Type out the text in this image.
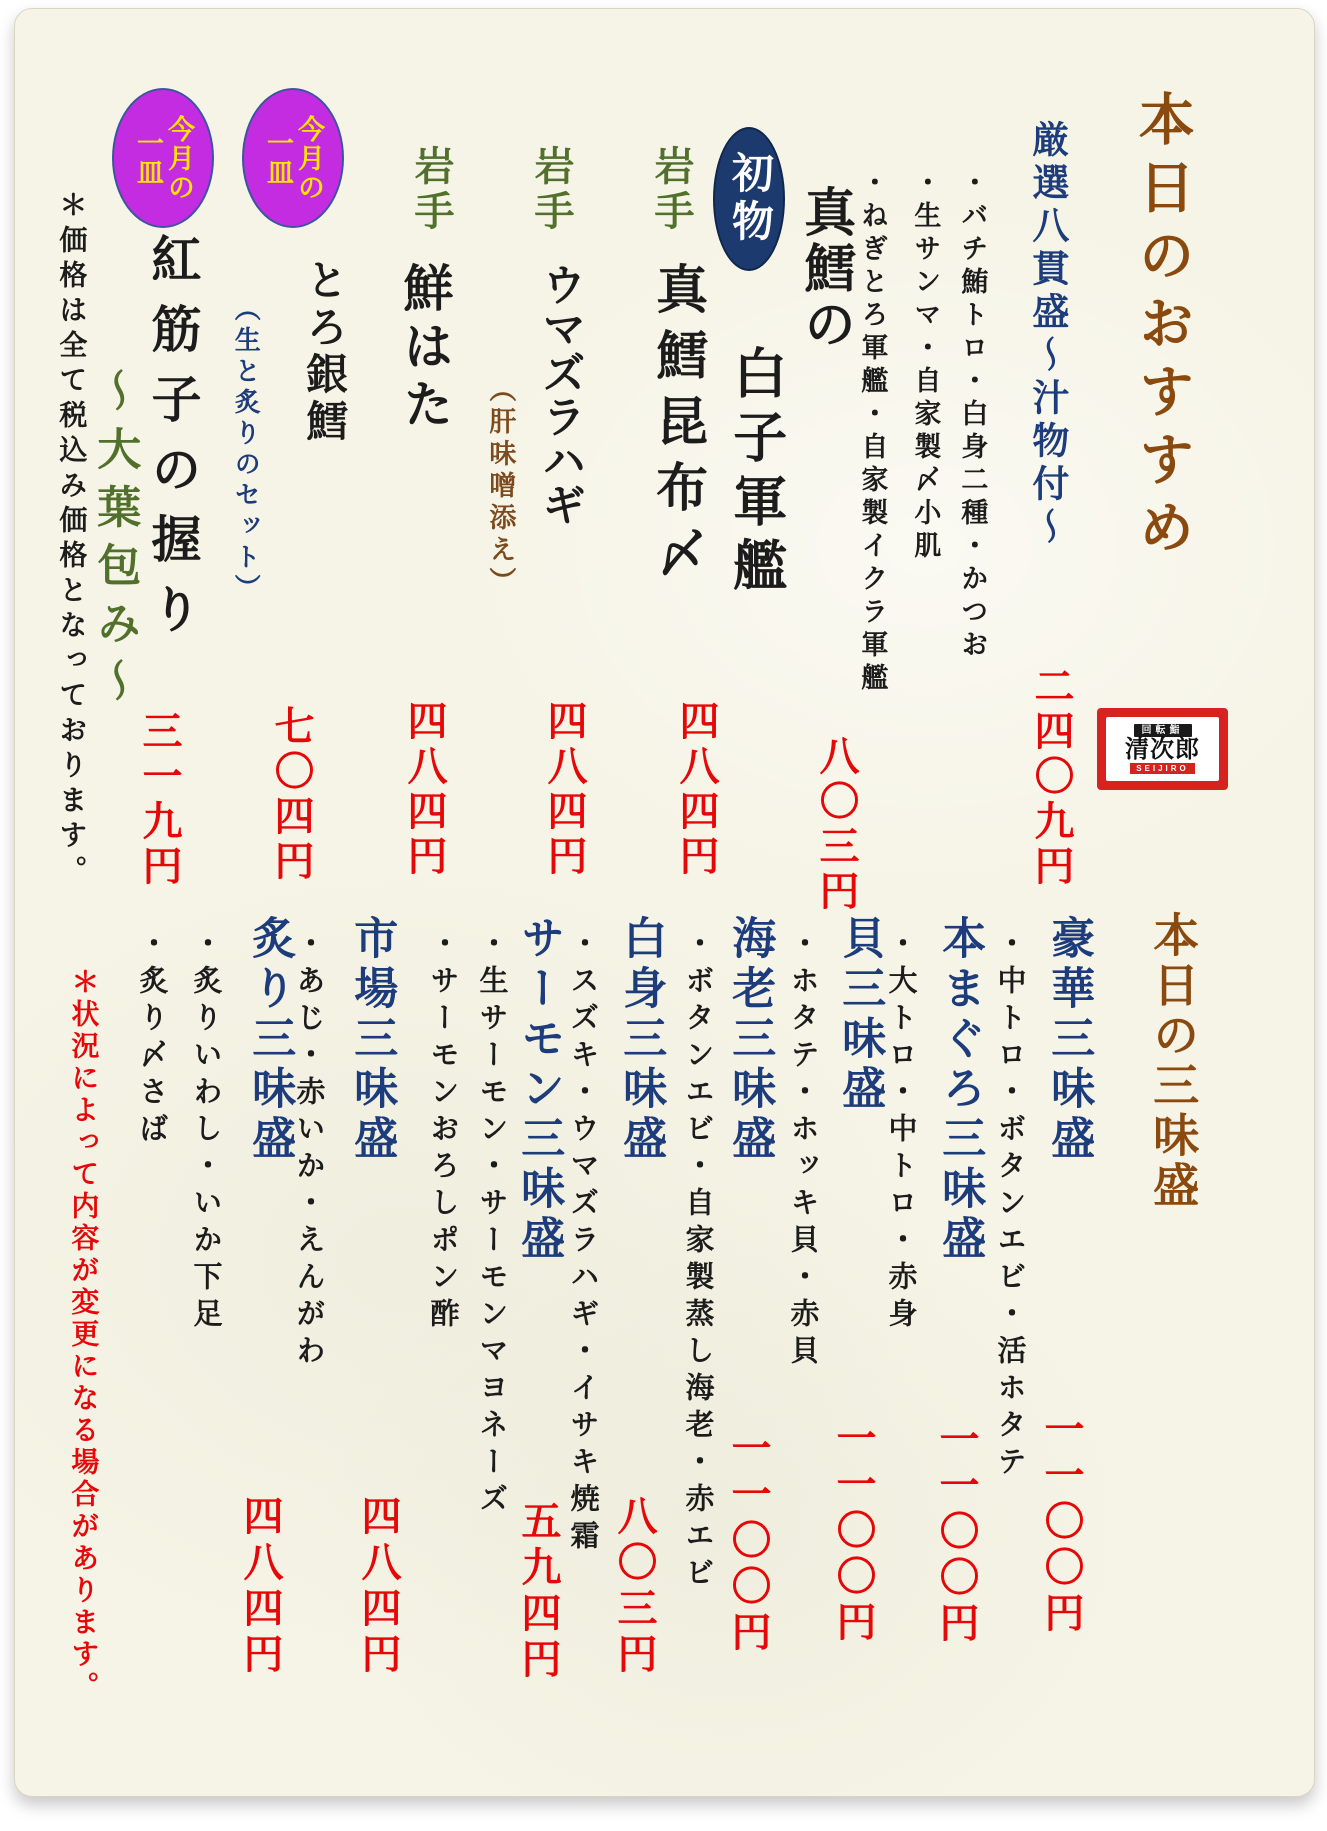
本日のおすすめ
厳選八貫盛〜汁物付〜
二四〇九円
・バチ鮪トロ・白身二種・かつお
・生サンマ・自家製〆小肌
・ねぎとろ軍艦・自家製イクラ軍艦
初物 真鱈の
白子軍艦
八〇三円
岩手
真鱈昆布〆
四八四円
岩手
ウマズラハギ
（肝味噌添え）
四八四円
岩手
鮮はた
四八四円
今月の
一皿
とろ銀鱈
（生と炙りのセット）
七〇四円
今月の
一皿
紅筋子の握り
〜大葉包み〜
三一九円
＊価格は全て税込み価格となっております。	回転鮨
清次郎
SEIJIRO
本日の三味盛
豪華三味盛
・中トロ・ボタンエビ・活ホタテ
一一〇〇円
本まぐろ三味盛
・大トロ・中トロ・赤身
一一〇〇円
貝三味盛
・ホタテ・ホッキ貝・赤貝
一一〇〇円
海老三味盛
・ボタンエビ・自家製蒸し海老・赤エビ 一一〇〇円
白身三味盛
・スズキ・ウマズラハギ・イサキ焼霜
八〇三円
サーモン三味盛
・生サーモン・サーモンマヨネーズ
・サーモンおろしポン酢
五九四円
市場三味盛
・あじ・赤いか・えんがわ
四八四円
炙り三味盛
・炙りいわし・いか下足
・炙り〆さば
四八四円
＊状況によって内容が変更になる場合があります。
